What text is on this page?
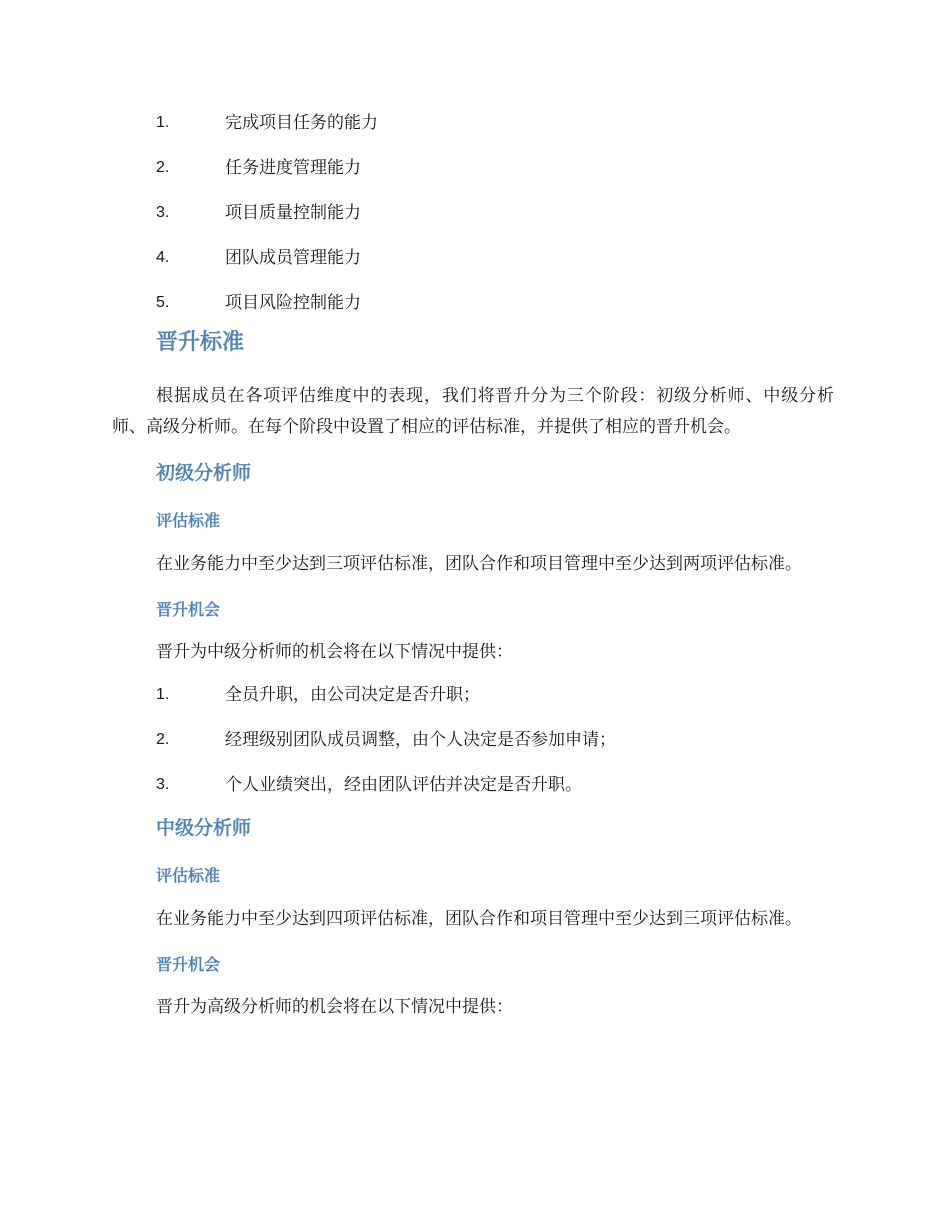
1.	完成项目任务的能力
2.	任务进度管理能力
3.	项目质量控制能力
4.	团队成员管理能力
5.	项目风险控制能力
晋升标准

根据成员在各项评估维度中的表现，我们将晋升分为三个阶段：初级分析师、中级分析师、高级分析师。在每个阶段中设置了相应的评估标准，并提供了相应的晋升机会。

初级分析师
评估标准

在业务能力中至少达到三项评估标准，团队合作和项目管理中至少达到两项评估标准。

晋升机会

晋升为中级分析师的机会将在以下情况中提供：

1.	全员升职，由公司决定是否升职；
2.	经理级别团队成员调整，由个人决定是否参加申请；
3.	个人业绩突出，经由团队评估并决定是否升职。
中级分析师
评估标准

在业务能力中至少达到四项评估标准，团队合作和项目管理中至少达到三项评估标准。

晋升机会

晋升为高级分析师的机会将在以下情况中提供：
